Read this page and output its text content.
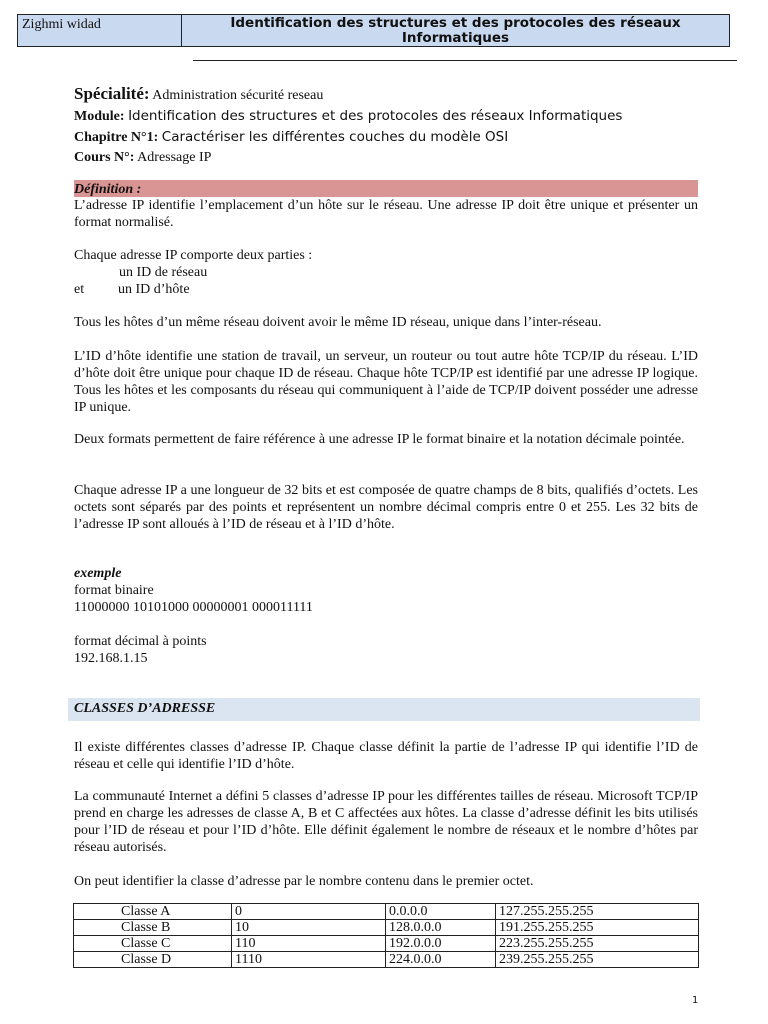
Zighmi widad	Identification des structures et des protocoles des réseaux
Informatiques
Spécialité: Administration sécurité reseau
Module: Identification des structures et des protocoles des réseaux Informatiques
Chapitre N°1: Caractériser les différentes couches du modèle OSI
Cours N°: Adressage IP
Définition :
L’adresse IP identifie l’emplacement d’un hôte sur le réseau. Une adresse IP doit être unique et présenter un format normalisé.
Chaque adresse IP comporte deux parties :
un ID de réseau
et	un ID d’hôte
Tous les hôtes d’un même réseau doivent avoir le même ID réseau, unique dans l’inter-réseau.
L’ID d’hôte identifie une station de travail, un serveur, un routeur ou tout autre hôte TCP/IP du réseau. L’ID d’hôte doit être unique pour chaque ID de réseau. Chaque hôte TCP/IP est identifié par une adresse IP logique. Tous les hôtes et les composants du réseau qui communiquent à l’aide de TCP/IP doivent posséder une adresse IP unique.
Deux formats permettent de faire référence à une adresse IP le format binaire et la notation décimale pointée.
Chaque adresse IP a une longueur de 32 bits et est composée de quatre champs de 8 bits, qualifiés d’octets. Les octets sont séparés par des points et représentent un nombre décimal compris entre 0 et 255. Les 32 bits de l’adresse IP sont alloués à l’ID de réseau et à l’ID d’hôte.
exemple
format binaire
11000000 10101000 00000001 000011111
format décimal à points
192.168.1.15
CLASSES D’ADRESSE
Il existe différentes classes d’adresse IP. Chaque classe définit la partie de l’adresse IP qui identifie l’ID de réseau et celle qui identifie l’ID d’hôte.
La communauté Internet a défini 5 classes d’adresse IP pour les différentes tailles de réseau. Microsoft TCP/IP prend en charge les adresses de classe A, B et C affectées aux hôtes. La classe d’adresse définit les bits utilisés pour l’ID de réseau et pour l’ID d’hôte. Elle définit également le nombre de réseaux et le nombre d’hôtes par réseau autorisés.
On peut identifier la classe d’adresse par le nombre contenu dans le premier octet.
Classe A	0	0.0.0.0	127.255.255.255
Classe B	10	128.0.0.0	191.255.255.255
Classe C	110	192.0.0.0	223.255.255.255
Classe D	1110	224.0.0.0	239.255.255.255
1
